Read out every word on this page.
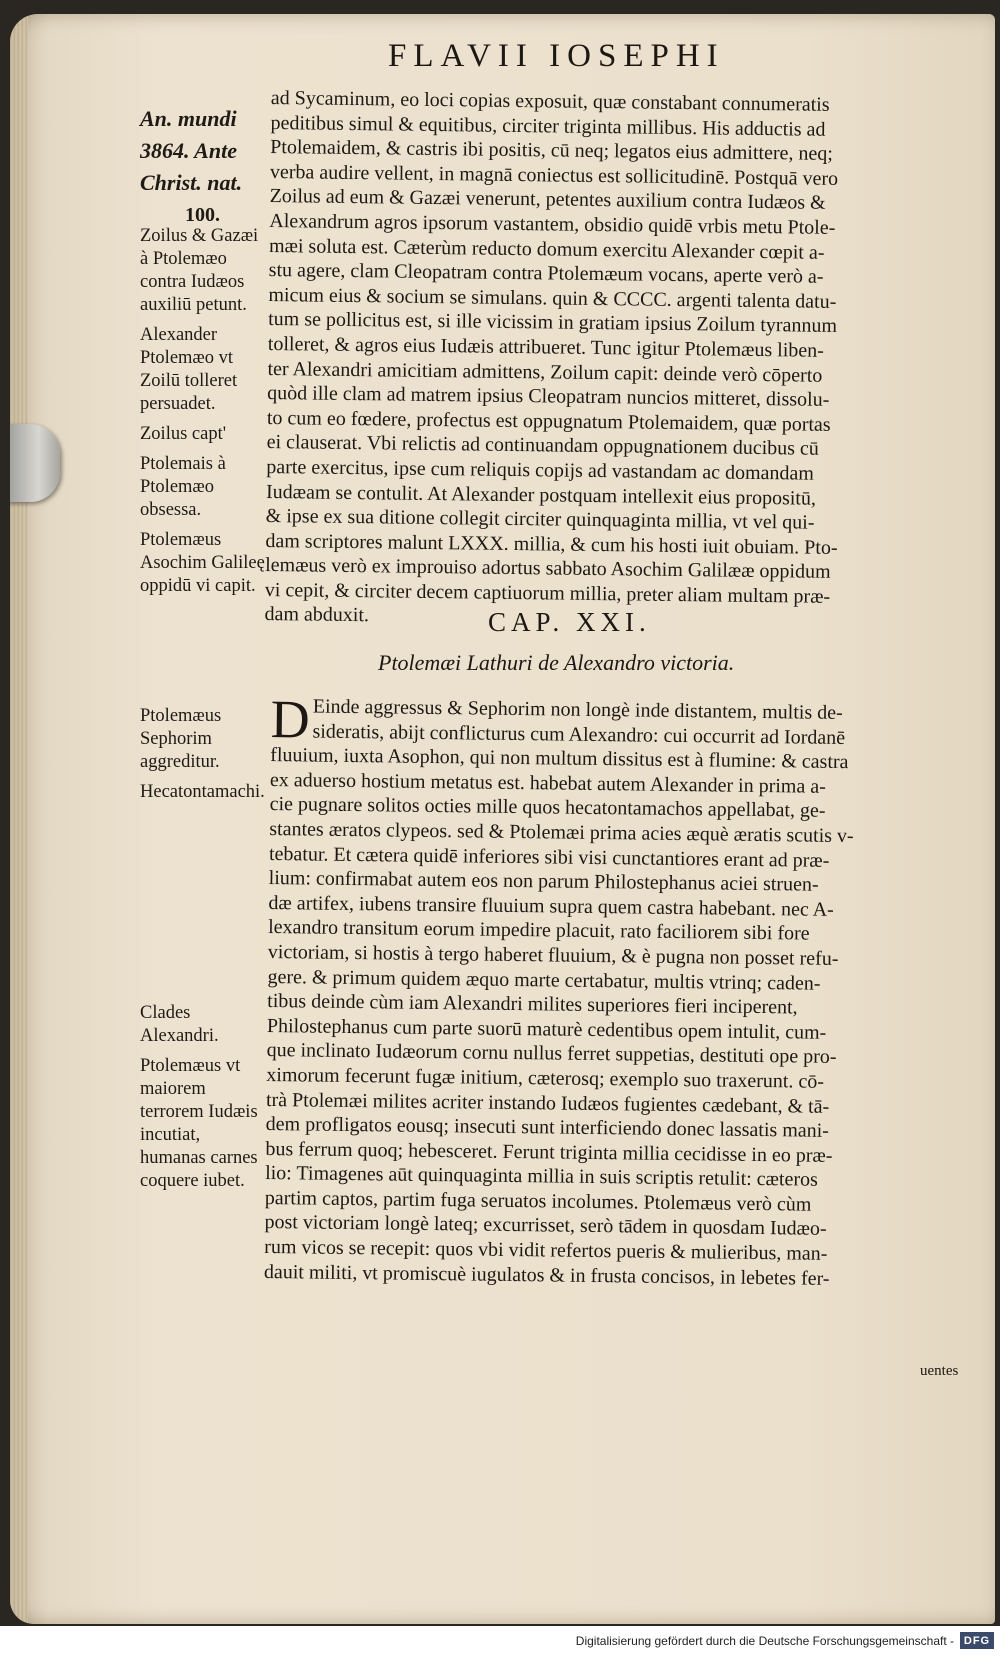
FLAVII IOSEPHI
An. mundi
3864. Ante
Christ. nat.
100.
Zoilus & Gazæi à Ptolemæo contra Iudæos auxiliū petunt.
Alexander Ptolemæo vt Zoilū tolleret persuadet.
Zoilus capt'
Ptolemais à Ptolemæo obsessa.
Ptolemæus Asochim Galileę oppidū vi capit.
ad Sycaminum, eo loci copias exposuit, quæ constabant connumeratis
peditibus simul & equitibus, circiter triginta millibus. His adductis ad
Ptolemaidem, & castris ibi positis, cū neq; legatos eius admittere, neq;
verba audire vellent, in magnā coniectus est sollicitudinē. Postquā vero
Zoilus ad eum & Gazæi venerunt, petentes auxilium contra Iudæos &
Alexandrum agros ipsorum vastantem, obsidio quidē vrbis metu Ptole-
mæi soluta est. Cæterùm reducto domum exercitu Alexander cœpit a-
stu agere, clam Cleopatram contra Ptolemæum vocans, aperte verò a-
micum eius & socium se simulans. quin & CCCC. argenti talenta datu-
tum se pollicitus est, si ille vicissim in gratiam ipsius Zoilum tyrannum
tolleret, & agros eius Iudæis attribueret. Tunc igitur Ptolemæus liben-
ter Alexandri amicitiam admittens, Zoilum capit: deinde verò cōperto
quòd ille clam ad matrem ipsius Cleopatram nuncios mitteret, dissolu-
to cum eo fœdere, profectus est oppugnatum Ptolemaidem, quæ portas
ei clauserat. Vbi relictis ad continuandam oppugnationem ducibus cū
parte exercitus, ipse cum reliquis copijs ad vastandam ac domandam
Iudæam se contulit. At Alexander postquam intellexit eius propositū,
& ipse ex sua ditione collegit circiter quinquaginta millia, vt vel qui-
dam scriptores malunt LXXX. millia, & cum his hosti iuit obuiam. Pto-
lemæus verò ex improuiso adortus sabbato Asochim Galilææ oppidum
vi cepit, & circiter decem captiuorum millia, preter aliam multam præ-
dam abduxit.	CAP. XXI.
Ptolemæi Lathuri de Alexandro victoria.
Ptolemæus Sephorim aggreditur.
Hecatontamachi.
Clades Alexandri.
Ptolemæus vt maiorem terrorem Iudæis incutiat, humanas carnes coquere iubet.
D Einde aggressus & Sephorim non longè inde distantem, multis de-
sideratis, abijt conflicturus cum Alexandro: cui occurrit ad Iordanē
fluuium, iuxta Asophon, qui non multum dissitus est à flumine: & castra
ex aduerso hostium metatus est. habebat autem Alexander in prima a-
cie pugnare solitos octies mille quos hecatontamachos appellabat, ge-
stantes æratos clypeos. sed & Ptolemæi prima acies æquè æratis scutis v-
tebatur. Et cætera quidē inferiores sibi visi cunctantiores erant ad præ-
lium: confirmabat autem eos non parum Philostephanus aciei struen-
dæ artifex, iubens transire fluuium supra quem castra habebant. nec A-
lexandro transitum eorum impedire placuit, rato faciliorem sibi fore
victoriam, si hostis à tergo haberet fluuium, & è pugna non posset refu-
gere. & primum quidem æquo marte certabatur, multis vtrinq; caden-
tibus deinde cùm iam Alexandri milites superiores fieri inciperent,
Philostephanus cum parte suorū maturè cedentibus opem intulit, cum-
que inclinato Iudæorum cornu nullus ferret suppetias, destituti ope pro-
ximorum fecerunt fugæ initium, cæterosq; exemplo suo traxerunt. cō-
trà Ptolemæi milites acriter instando Iudæos fugientes cædebant, & tā-
dem profligatos eousq; insecuti sunt interficiendo donec lassatis mani-
bus ferrum quoq; hebesceret. Ferunt triginta millia cecidisse in eo præ-
lio: Timagenes aūt quinquaginta millia in suis scriptis retulit: cæteros
partim captos, partim fuga seruatos incolumes. Ptolemæus verò cùm
post victoriam longè lateq; excurrisset, serò tādem in quosdam Iudæo-
rum vicos se recepit: quos vbi vidit refertos pueris & mulieribus, man-
dauit militi, vt promiscuè iugulatos & in frusta concisos, in lebetes fer-
uentes
Digitalisierung gefördert durch die Deutsche Forschungsgemeinschaft - DFG
